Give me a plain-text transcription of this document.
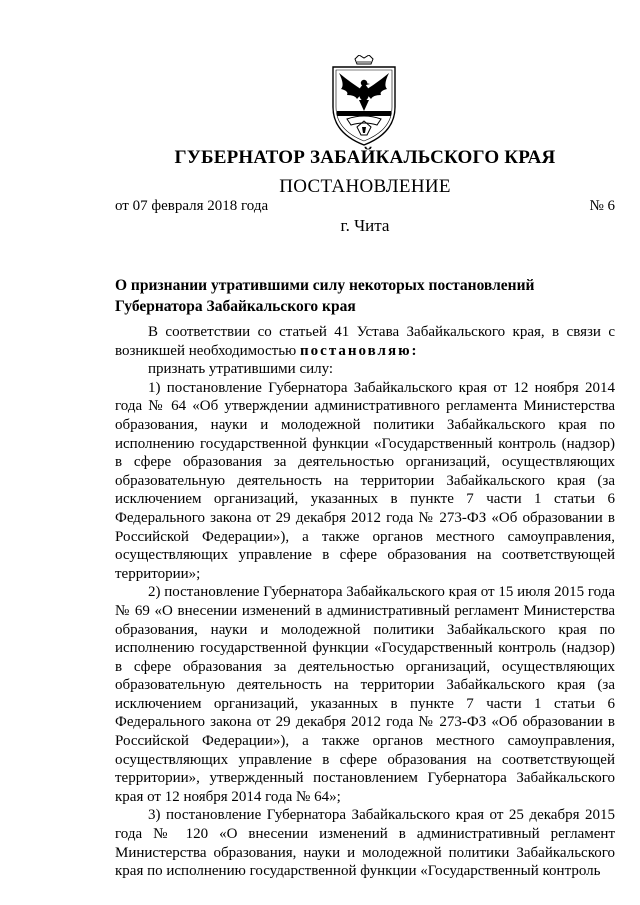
ГУБЕРНАТОР ЗАБАЙКАЛЬСКОГО КРАЯ
ПОСТАНОВЛЕНИЕ
от 07 февраля 2018 года	№ 6
г. Чита
О признании утратившими силу некоторых постановлений Губернатора Забайкальского края

В соответствии со статьей 41 Устава Забайкальского края, в связи с возникшей необходимостью постановляю:

признать утратившими силу:

1) постановление Губернатора Забайкальского края от 12 ноября 2014 года № 64 «Об утверждении административного регламента Министерства образования, науки и молодежной политики Забайкальского края по исполнению государственной функции «Государственный контроль (надзор) в сфере образования за деятельностью организаций, осуществляющих образовательную деятельность на территории Забайкальского края (за исключением организаций, указанных в пункте 7 части 1 статьи 6 Федерального закона от 29 декабря 2012 года № 273-ФЗ «Об образовании в Российской Федерации»), а также органов местного самоуправления, осуществляющих управление в сфере образования на соответствующей территории»;

2) постановление Губернатора Забайкальского края от 15 июля 2015 года № 69 «О внесении изменений в административный регламент Министерства образования, науки и молодежной политики Забайкальского края по исполнению государственной функции «Государственный контроль (надзор) в сфере образования за деятельностью организаций, осуществляющих образовательную деятельность на территории Забайкальского края (за исключением организаций, указанных в пункте 7 части 1 статьи 6 Федерального закона от 29 декабря 2012 года № 273-ФЗ «Об образовании в Российской Федерации»), а также органов местного самоуправления, осуществляющих управление в сфере образования на соответствующей территории», утвержденный постановлением Губернатора Забайкальского края от 12 ноября 2014 года № 64»;

3) постановление Губернатора Забайкальского края от 25 декабря 2015 года № 120 «О внесении изменений в административный регламент Министерства образования, науки и молодежной политики Забайкальского края по исполнению государственной функции «Государственный контроль
